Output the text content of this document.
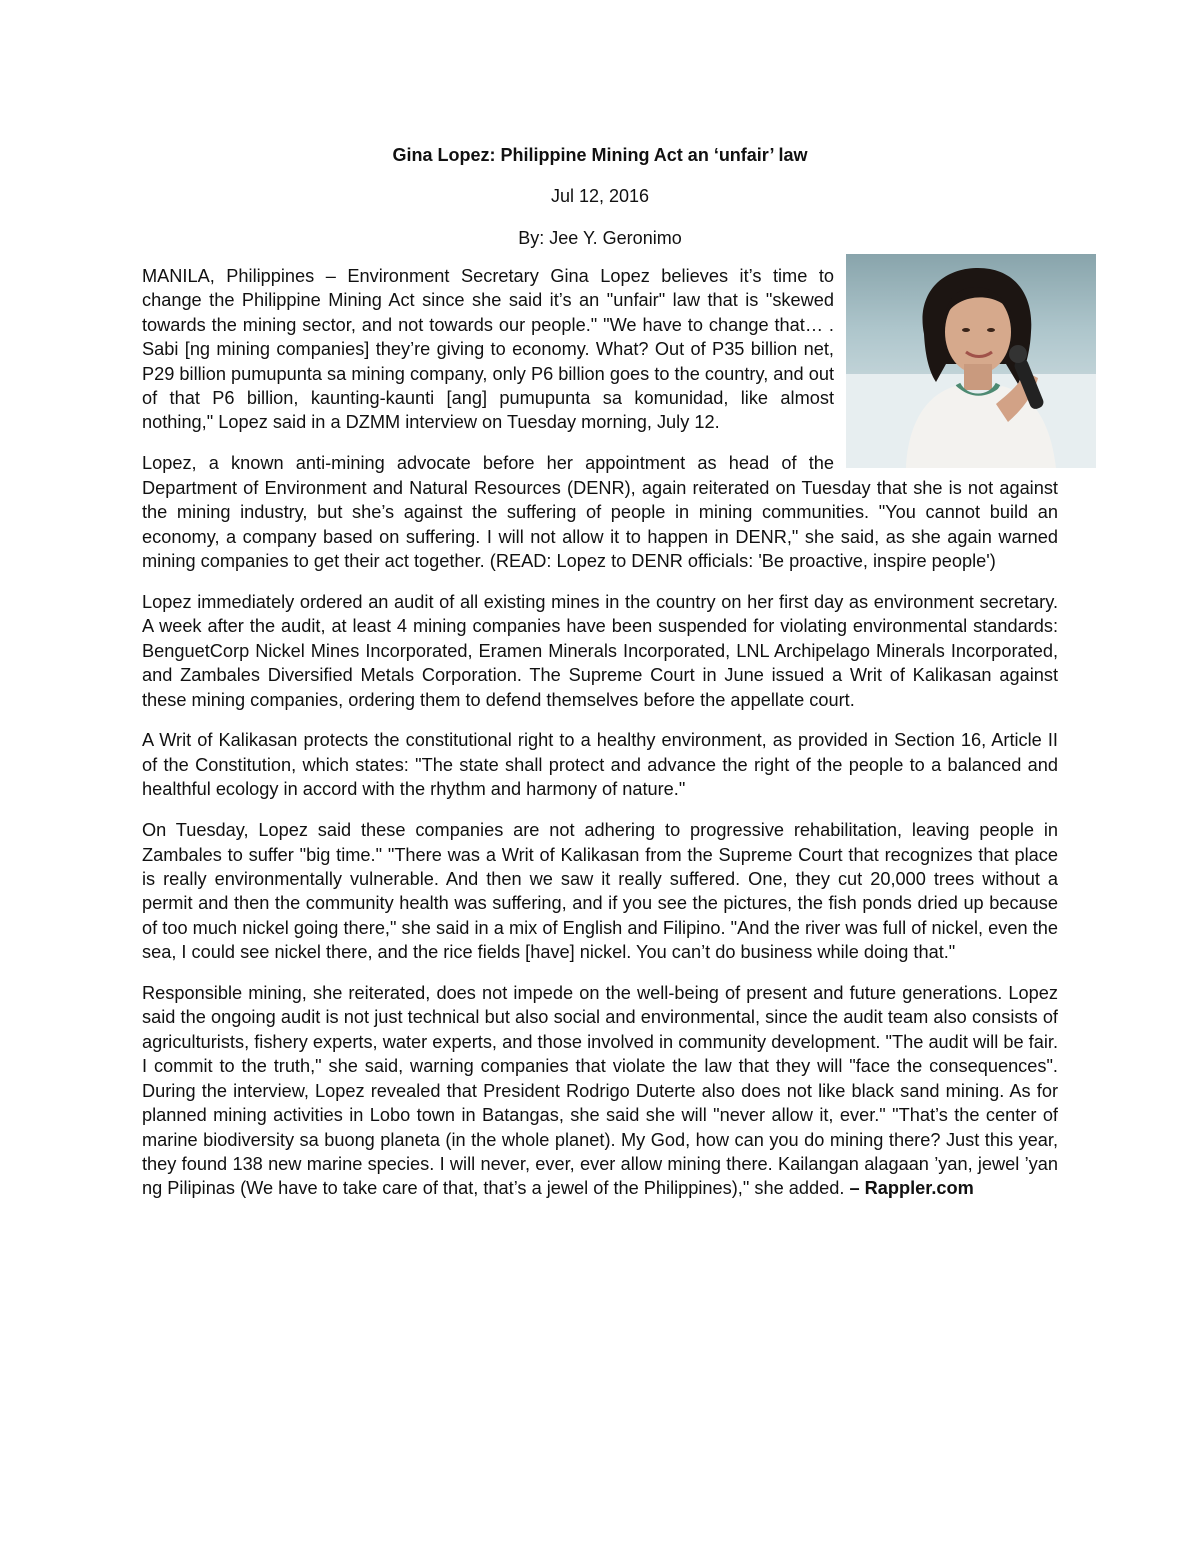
Gina Lopez: Philippine Mining Act an ‘unfair’ law
Jul 12, 2016
By: Jee Y. Geronimo

MANILA, Philippines – Environment Secretary Gina Lopez believes it’s time to change the Philippine Mining Act since she said it’s an "unfair" law that is "skewed towards the mining sector, and not towards our people." "We have to change that… . Sabi [ng mining companies] they’re giving to economy. What? Out of P35 billion net, P29 billion pumupunta sa mining company, only P6 billion goes to the country, and out of that P6 billion, kaunting-kaunti [ang] pumupunta sa komunidad, like almost nothing," Lopez said in a DZMM interview on Tuesday morning, July 12.

Lopez, a known anti-mining advocate before her appointment as head of the Department of Environment and Natural Resources (DENR), again reiterated on Tuesday that she is not against the mining industry, but she’s against the suffering of people in mining communities. "You cannot build an economy, a company based on suffering. I will not allow it to happen in DENR," she said, as she again warned mining companies to get their act together. (READ: Lopez to DENR officials: 'Be proactive, inspire people')

Lopez immediately ordered an audit of all existing mines in the country on her first day as environment secretary. A week after the audit, at least 4 mining companies have been suspended for violating environmental standards: BenguetCorp Nickel Mines Incorporated, Eramen Minerals Incorporated, LNL Archipelago Minerals Incorporated, and Zambales Diversified Metals Corporation. The Supreme Court in June issued a Writ of Kalikasan against these mining companies, ordering them to defend themselves before the appellate court.

A Writ of Kalikasan protects the constitutional right to a healthy environment, as provided in Section 16, Article II of the Constitution, which states: "The state shall protect and advance the right of the people to a balanced and healthful ecology in accord with the rhythm and harmony of nature."

On Tuesday, Lopez said these companies are not adhering to progressive rehabilitation, leaving people in Zambales to suffer "big time." "There was a Writ of Kalikasan from the Supreme Court that recognizes that place is really environmentally vulnerable. And then we saw it really suffered. One, they cut 20,000 trees without a permit and then the community health was suffering, and if you see the pictures, the fish ponds dried up because of too much nickel going there," she said in a mix of English and Filipino. "And the river was full of nickel, even the sea, I could see nickel there, and the rice fields [have] nickel. You can’t do business while doing that."

Responsible mining, she reiterated, does not impede on the well-being of present and future generations. Lopez said the ongoing audit is not just technical but also social and environmental, since the audit team also consists of agriculturists, fishery experts, water experts, and those involved in community development. "The audit will be fair. I commit to the truth," she said, warning companies that violate the law that they will "face the consequences". During the interview, Lopez revealed that President Rodrigo Duterte also does not like black sand mining. As for planned mining activities in Lobo town in Batangas, she said she will "never allow it, ever." "That’s the center of marine biodiversity sa buong planeta (in the whole planet). My God, how can you do mining there? Just this year, they found 138 new marine species. I will never, ever, ever allow mining there. Kailangan alagaan ’yan, jewel ’yan ng Pilipinas (We have to take care of that, that’s a jewel of the Philippines)," she added. – Rappler.com
